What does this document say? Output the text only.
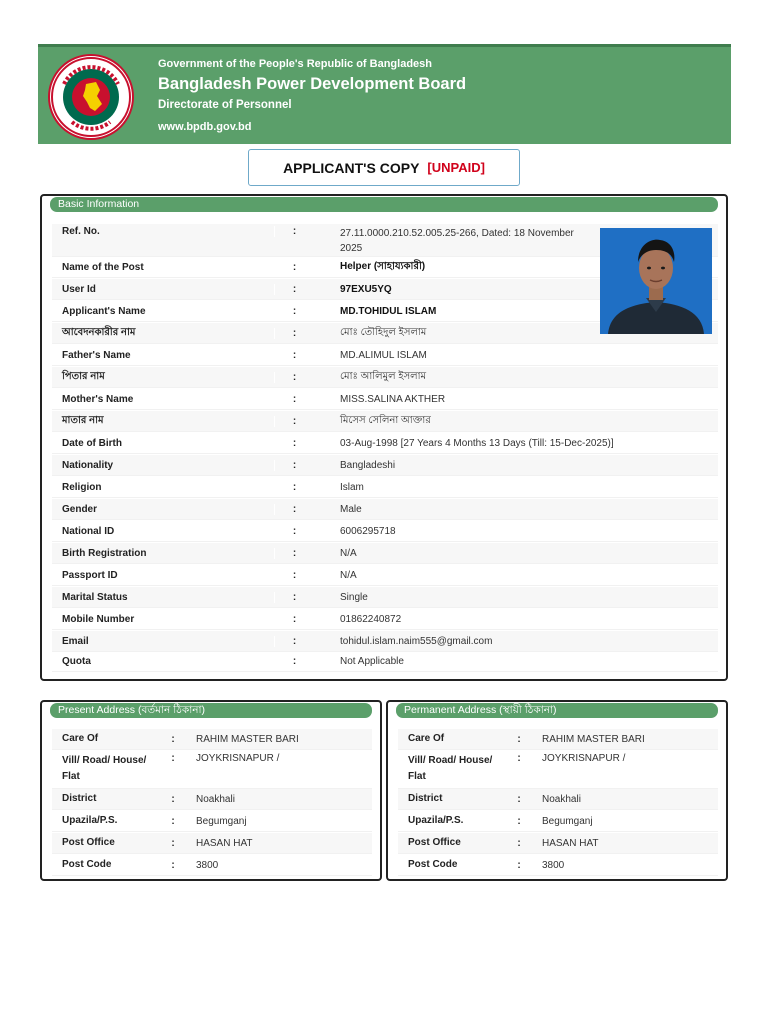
Government of the People's Republic of Bangladesh
Bangladesh Power Development Board
Directorate of Personnel
www.bpdb.gov.bd
APPLICANT'S COPY [UNPAID]
Basic Information
Ref. No.	:	27.11.0000.210.52.005.25-266, Dated: 18 November 2025
Name of the Post	:	Helper (সাহায্যকারী)
User Id	:	97EXU5YQ
Applicant's Name	:	MD.TOHIDUL ISLAM
আবেদনকারীর নাম	:	মোঃ তৌহিদুল ইসলাম
Father's Name	:	MD.ALIMUL ISLAM
পিতার নাম	:	মোঃ আলিমুল ইসলাম
Mother's Name	:	MISS.SALINA AKTHER
মাতার নাম	:	মিসেস সেলিনা আক্তার
Date of Birth	:	03-Aug-1998 [27 Years 4 Months 13 Days (Till: 15-Dec-2025)]
Nationality	:	Bangladeshi
Religion	:	Islam
Gender	:	Male
National ID	:	6006295718
Birth Registration	:	N/A
Passport ID	:	N/A
Marital Status	:	Single
Mobile Number	:	01862240872
Email	:	tohidul.islam.naim555@gmail.com
Quota	:	Not Applicable
Present Address (বর্তমান ঠিকানা)
Care Of	:	RAHIM MASTER BARI
Vill/ Road/ House/ Flat
:	JOYKRISNAPUR /
District	:	Noakhali
Upazila/P.S.	:	Begumganj
Post Office	:	HASAN HAT
Post Code	:	3800
Permanent Address (স্থায়ী ঠিকানা)
Care Of	:	RAHIM MASTER BARI
Vill/ Road/ House/ Flat
:	JOYKRISNAPUR /
District	:	Noakhali
Upazila/P.S.	:	Begumganj
Post Office	:	HASAN HAT
Post Code	:	3800
